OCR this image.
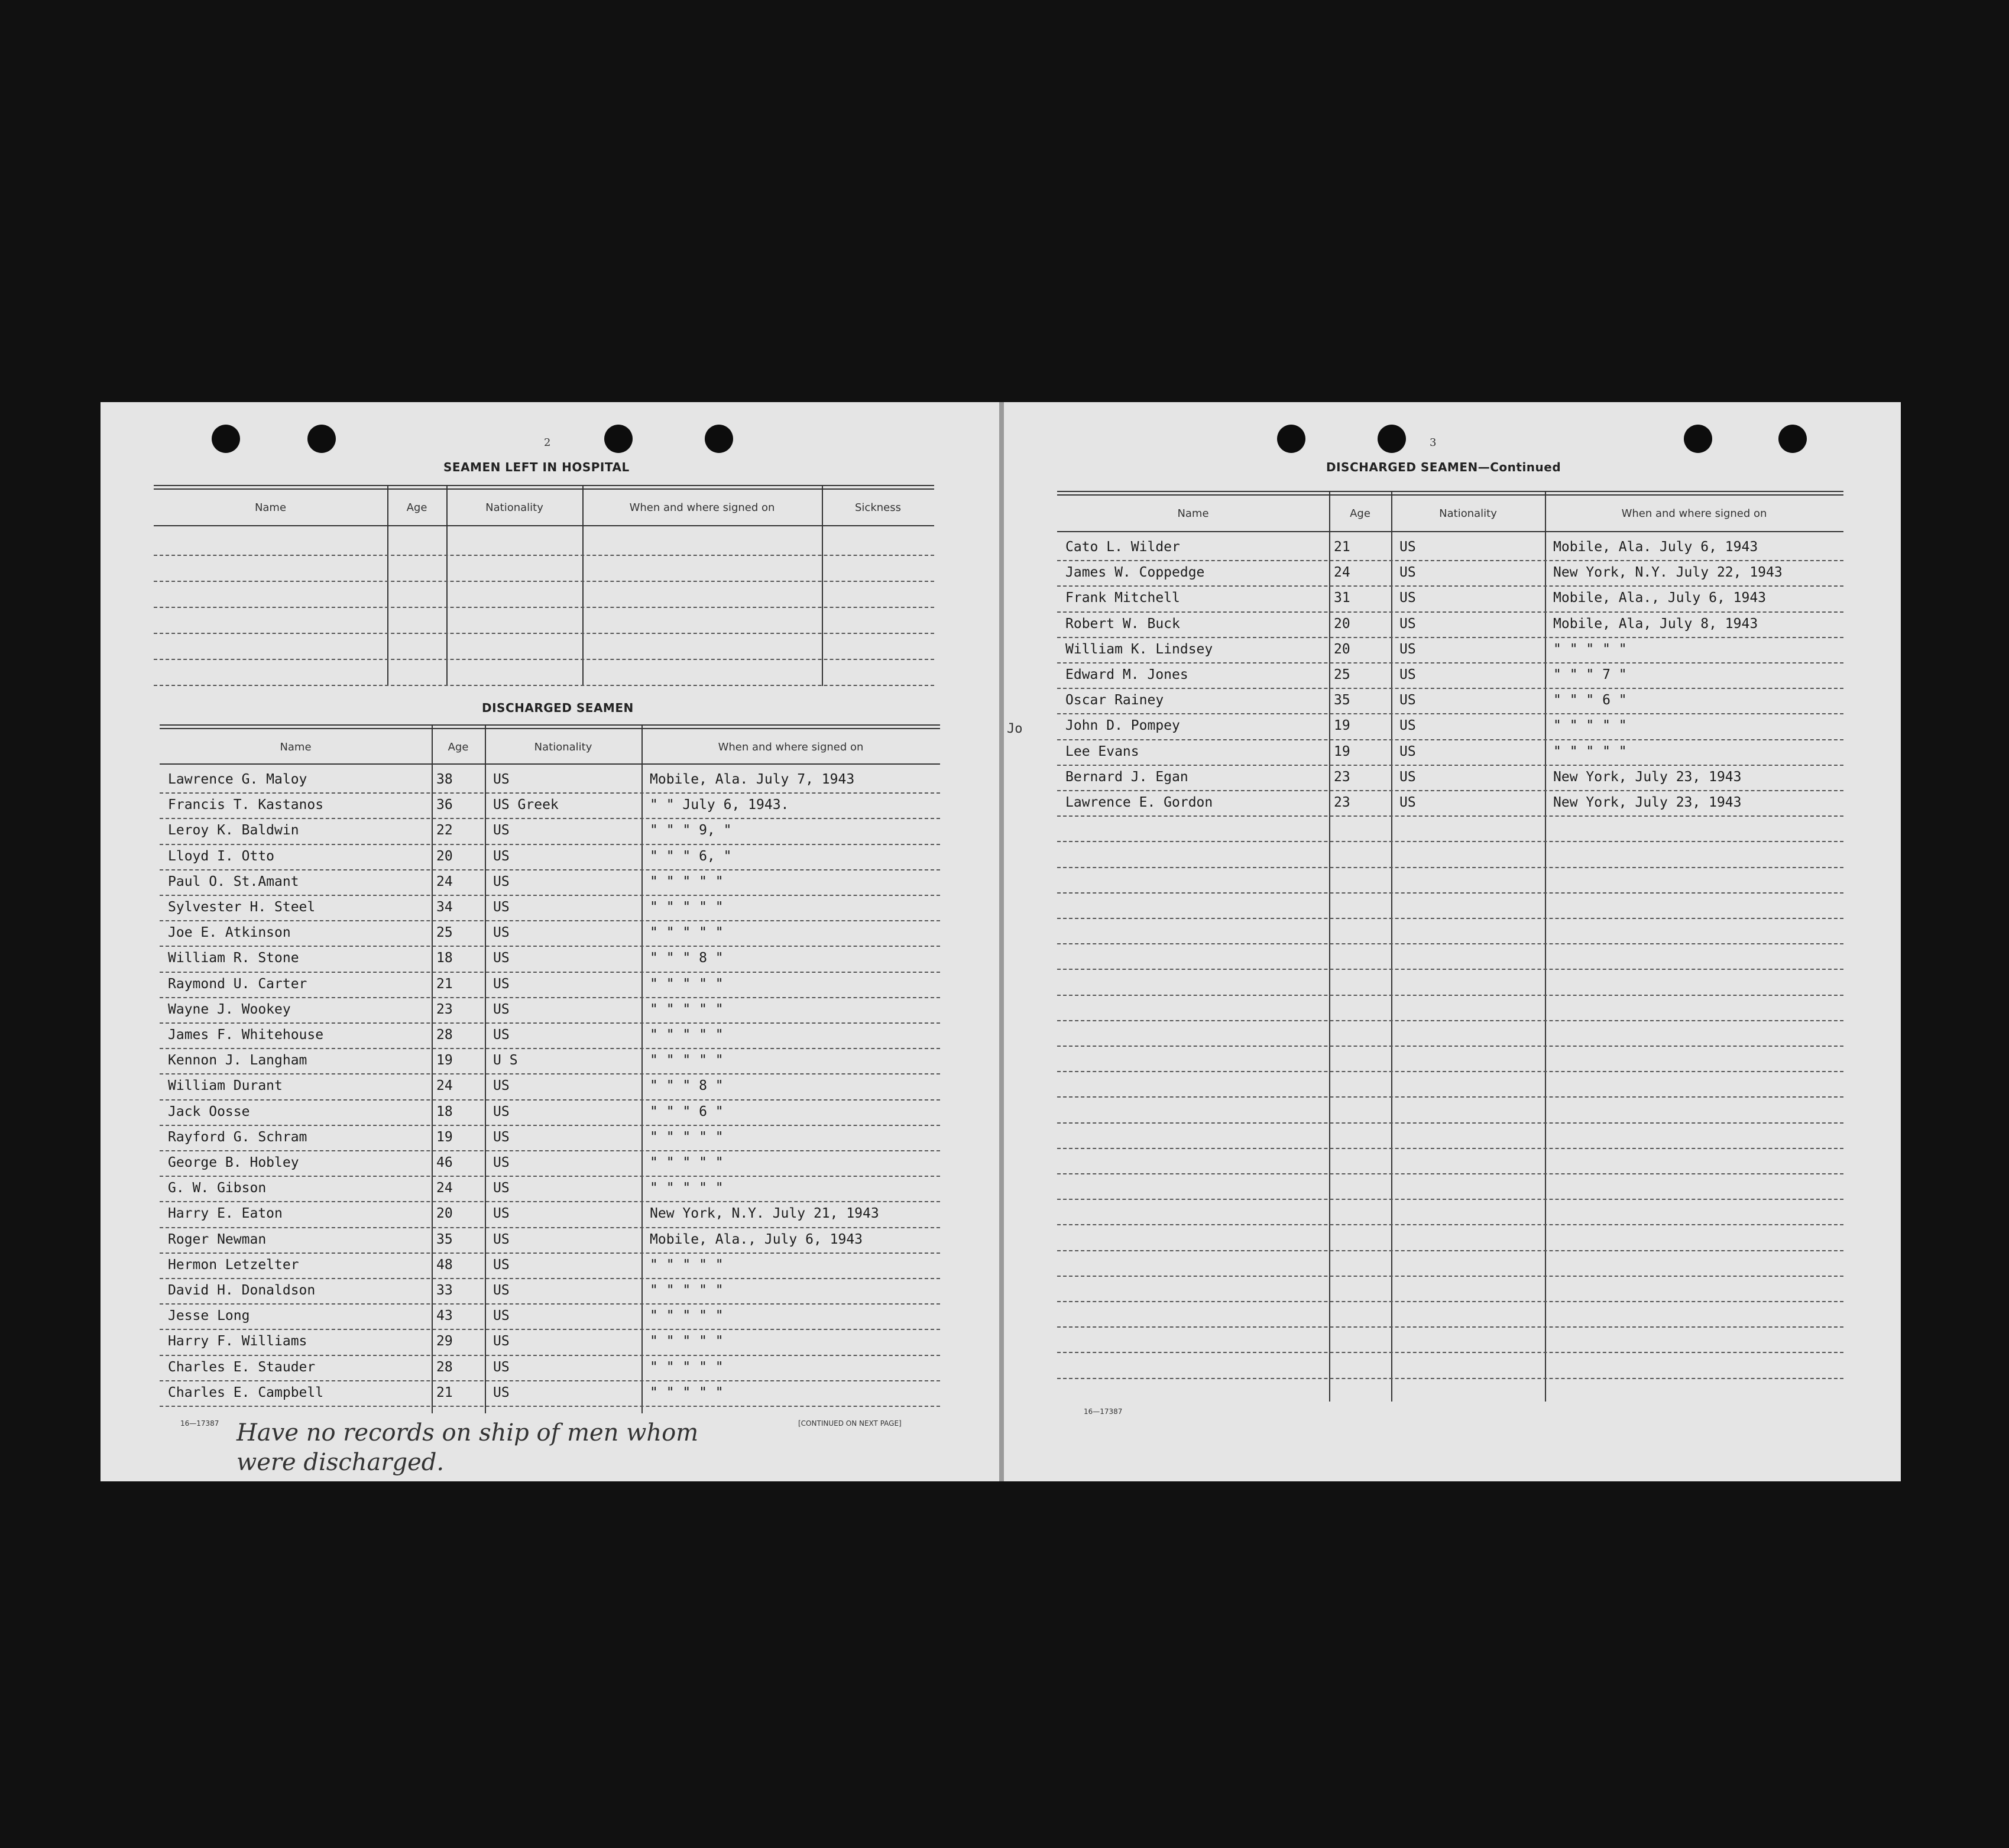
2
SEAMEN LEFT IN HOSPITAL
Name	Age	Nationality	When and where signed on	Sickness
DISCHARGED SEAMEN
Name	Age	Nationality	When and where signed on
Lawrence G. Maloy	38	US	Mobile, Ala. July 7, 1943
Francis T. Kastanos	36	US Greek	" " July 6, 1943.
Leroy K. Baldwin	22	US	" " " 9, "
Lloyd I. Otto	20	US	" " " 6, "
Paul O. St.Amant	24	US	" " " " "
Sylvester H. Steel	34	US	" " " " "
Joe E. Atkinson	25	US	" " " " "
William R. Stone	18	US	" " " 8 "
Raymond U. Carter	21	US	" " " " "
Wayne J. Wookey	23	US	" " " " "
James F. Whitehouse	28	US	" " " " "
Kennon J. Langham	19	U S	" " " " "
William Durant	24	US	" " " 8 "
Jack Oosse	18	US	" " " 6 "
Rayford G. Schram	19	US	" " " " "
George B. Hobley	46	US	" " " " "
G. W. Gibson	24	US	" " " " "
Harry E. Eaton	20	US	New York, N.Y. July 21, 1943
Roger Newman	35	US	Mobile, Ala., July 6, 1943
Hermon Letzelter	48	US	" " " " "
David H. Donaldson	33	US	" " " " "
Jesse Long	43	US	" " " " "
Harry F. Williams	29	US	" " " " "
Charles E. Stauder	28	US	" " " " "
Charles E. Campbell	21	US	" " " " "
16—17387	[CONTINUED ON NEXT PAGE]
Have no records on ship of men whom
were discharged.
3
DISCHARGED SEAMEN—Continued
Jo
Name	Age	Nationality	When and where signed on
Cato L. Wilder	21	US	Mobile, Ala. July 6, 1943
James W. Coppedge	24	US	New York, N.Y. July 22, 1943
Frank Mitchell	31	US	Mobile, Ala., July 6, 1943
Robert W. Buck	20	US	Mobile, Ala, July 8, 1943
William K. Lindsey	20	US	" " " " "
Edward M. Jones	25	US	" " " 7 "
Oscar Rainey	35	US	" " " 6 "
John D. Pompey	19	US	" " " " "
Lee Evans	19	US	" " " " "
Bernard J. Egan	23	US	New York, July 23, 1943
Lawrence E. Gordon	23	US	New York, July 23, 1943
16—17387
